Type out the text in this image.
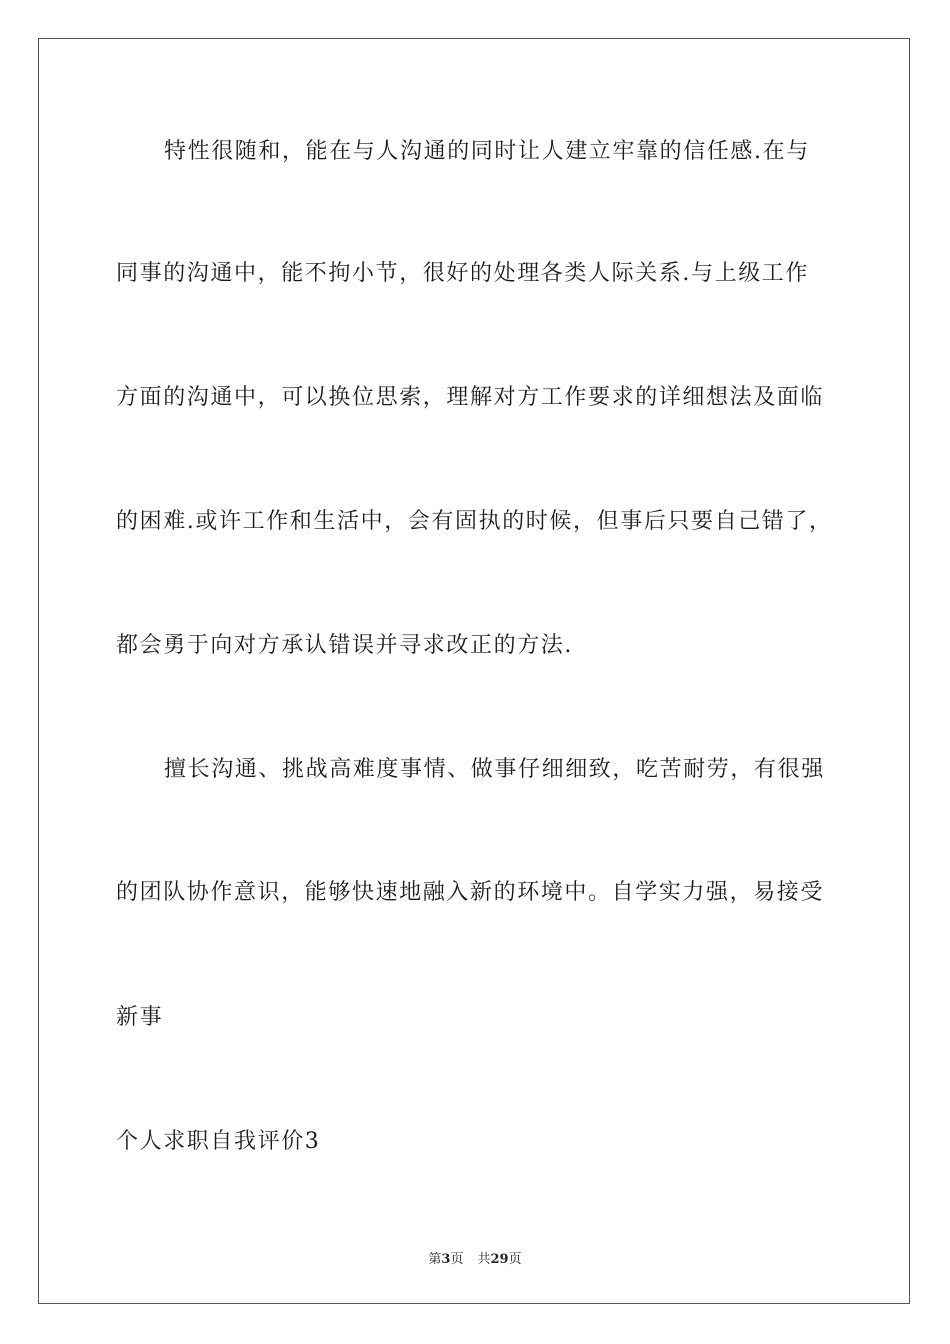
特性很随和，能在与人沟通的同时让人建立牢靠的信任感.在与
同事的沟通中，能不拘小节，很好的处理各类人际关系.与上级工作
方面的沟通中，可以换位思索，理解对方工作要求的详细想法及面临
的困难.或许工作和生活中，会有固执的时候，但事后只要自己错了，
都会勇于向对方承认错误并寻求改正的方法.
擅长沟通、挑战高难度事情、做事仔细细致，吃苦耐劳，有很强
的团队协作意识，能够快速地融入新的环境中。自学实力强，易接受
新事
个人求职自我评价3
第3页 共29页
